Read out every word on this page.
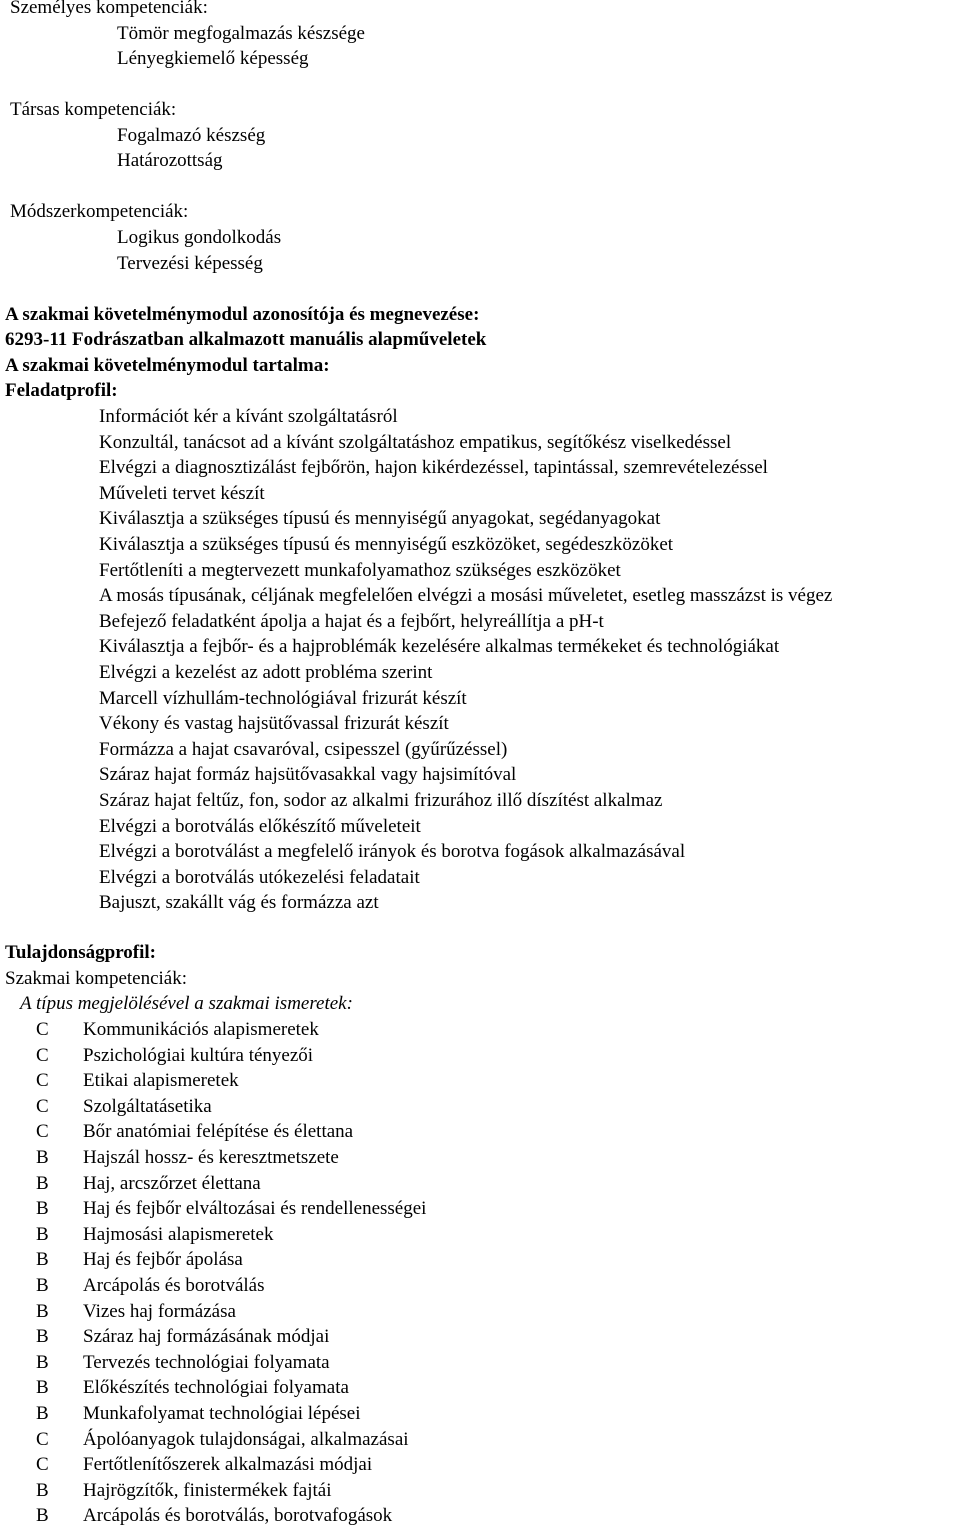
Személyes kompetenciák:
Tömör megfogalmazás készsége
Lényegkiemelő képesség
Társas kompetenciák:
Fogalmazó készség
Határozottság
Módszerkompetenciák:
Logikus gondolkodás
Tervezési képesség
A szakmai követelménymodul azonosítója és megnevezése:
6293-11 Fodrászatban alkalmazott manuális alapműveletek
A szakmai követelménymodul tartalma:
Feladatprofil:
Információt kér a kívánt szolgáltatásról
Konzultál, tanácsot ad a kívánt szolgáltatáshoz empatikus, segítőkész viselkedéssel
Elvégzi a diagnosztizálást fejbőrön, hajon kikérdezéssel, tapintással, szemrevételezéssel
Műveleti tervet készít
Kiválasztja a szükséges típusú és mennyiségű anyagokat, segédanyagokat
Kiválasztja a szükséges típusú és mennyiségű eszközöket, segédeszközöket
Fertőtleníti a megtervezett munkafolyamathoz szükséges eszközöket
A mosás típusának, céljának megfelelően elvégzi a mosási műveletet, esetleg masszázst is végez
Befejező feladatként ápolja a hajat és a fejbőrt, helyreállítja a pH-t
Kiválasztja a fejbőr- és a hajproblémák kezelésére alkalmas termékeket és technológiákat
Elvégzi a kezelést az adott probléma szerint
Marcell vízhullám-technológiával frizurát készít
Vékony és vastag hajsütővassal frizurát készít
Formázza a hajat csavaróval, csipesszel (gyűrűzéssel)
Száraz hajat formáz hajsütővasakkal vagy hajsimítóval
Száraz hajat feltűz, fon, sodor az alkalmi frizurához illő díszítést alkalmaz
Elvégzi a borotválás előkészítő műveleteit
Elvégzi a borotválást a megfelelő irányok és borotva fogások alkalmazásával
Elvégzi a borotválás utókezelési feladatait
Bajuszt, szakállt vág és formázza azt
Tulajdonságprofil:
Szakmai kompetenciák:
A típus megjelölésével a szakmai ismeretek:
C Kommunikációs alapismeretek
C Pszichológiai kultúra tényezői
C Etikai alapismeretek
C Szolgáltatásetika
C Bőr anatómiai felépítése és élettana
B Hajszál hossz- és keresztmetszete
B Haj, arcszőrzet élettana
B Haj és fejbőr elváltozásai és rendellenességei
B Hajmosási alapismeretek
B Haj és fejbőr ápolása
B Arcápolás és borotválás
B Vizes haj formázása
B Száraz haj formázásának módjai
B Tervezés technológiai folyamata
B Előkészítés technológiai folyamata
B Munkafolyamat technológiai lépései
C Ápolóanyagok tulajdonságai, alkalmazásai
C Fertőtlenítőszerek alkalmazási módjai
B Hajrögzítők, finistermékek fajtái
B Arcápolás és borotválás, borotvafogások
